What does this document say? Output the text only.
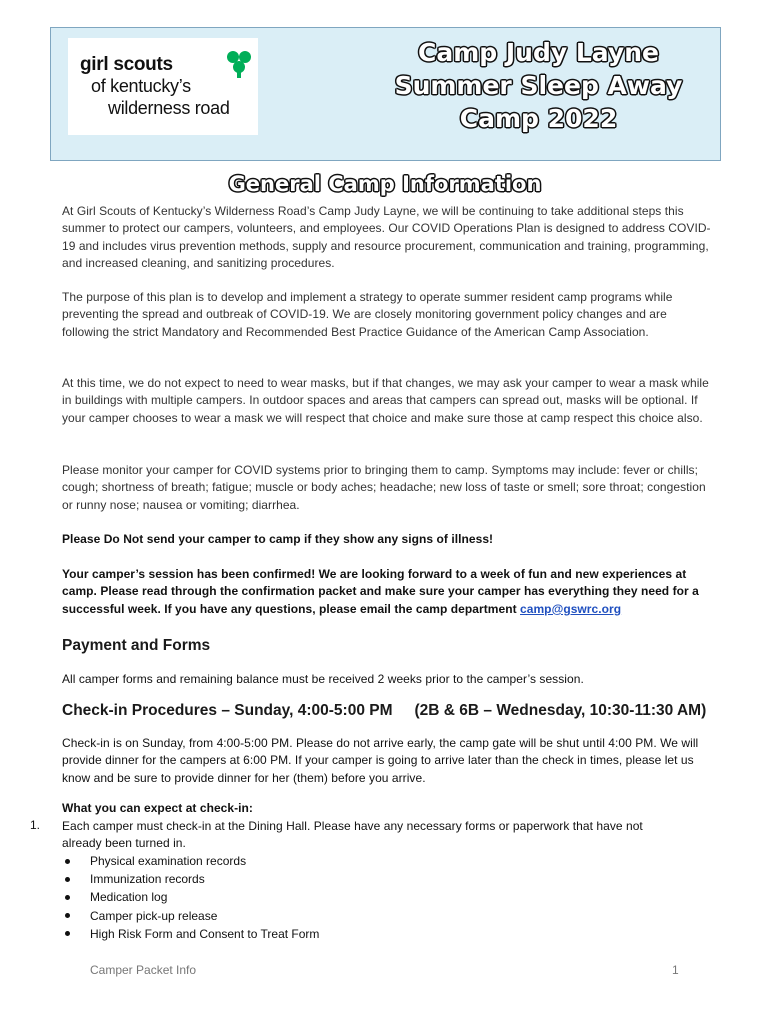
girl scouts
of kentucky’s
wilderness road
Camp Judy Layne
Summer Sleep Away
Camp 2022
General Camp Information
At Girl Scouts of Kentucky’s Wilderness Road’s Camp Judy Layne, we will be continuing to take additional steps this summer to protect our campers, volunteers, and employees. Our COVID Operations Plan is designed to address COVID-19 and includes virus prevention methods, supply and resource procurement, communication and training, programming, and increased cleaning, and sanitizing procedures.
The purpose of this plan is to develop and implement a strategy to operate summer resident camp programs while preventing the spread and outbreak of COVID-19. We are closely monitoring government policy changes and are following the strict Mandatory and Recommended Best Practice Guidance of the American Camp Association.
At this time, we do not expect to need to wear masks, but if that changes, we may ask your camper to wear a mask while in buildings with multiple campers. In outdoor spaces and areas that campers can spread out, masks will be optional. If your camper chooses to wear a mask we will respect that choice and make sure those at camp respect this choice also.
Please monitor your camper for COVID systems prior to bringing them to camp. Symptoms may include: fever or chills; cough; shortness of breath; fatigue; muscle or body aches; headache; new loss of taste or smell; sore throat; congestion or runny nose; nausea or vomiting; diarrhea.
Please Do Not send your camper to camp if they show any signs of illness!
Your camper’s session has been confirmed! We are looking forward to a week of fun and new experiences at camp. Please read through the confirmation packet and make sure your camper has everything they need for a successful week. If you have any questions, please email the camp department camp@gswrc.org
Payment and Forms
All camper forms and remaining balance must be received 2 weeks prior to the camper’s session.
Check-in Procedures – Sunday, 4:00-5:00 PM (2B & 6B – Wednesday, 10:30-11:30 AM)
Check-in is on Sunday, from 4:00-5:00 PM. Please do not arrive early, the camp gate will be shut until 4:00 PM. We will provide dinner for the campers at 6:00 PM. If your camper is going to arrive later than the check in times, please let us know and be sure to provide dinner for her (them) before you arrive.
What you can expect at check-in:
1. Each camper must check-in at the Dining Hall. Please have any necessary forms or paperwork that have not already been turned in.
Physical examination records
Immunization records
Medication log
Camper pick-up release
High Risk Form and Consent to Treat Form
Camper Packet Info	1
